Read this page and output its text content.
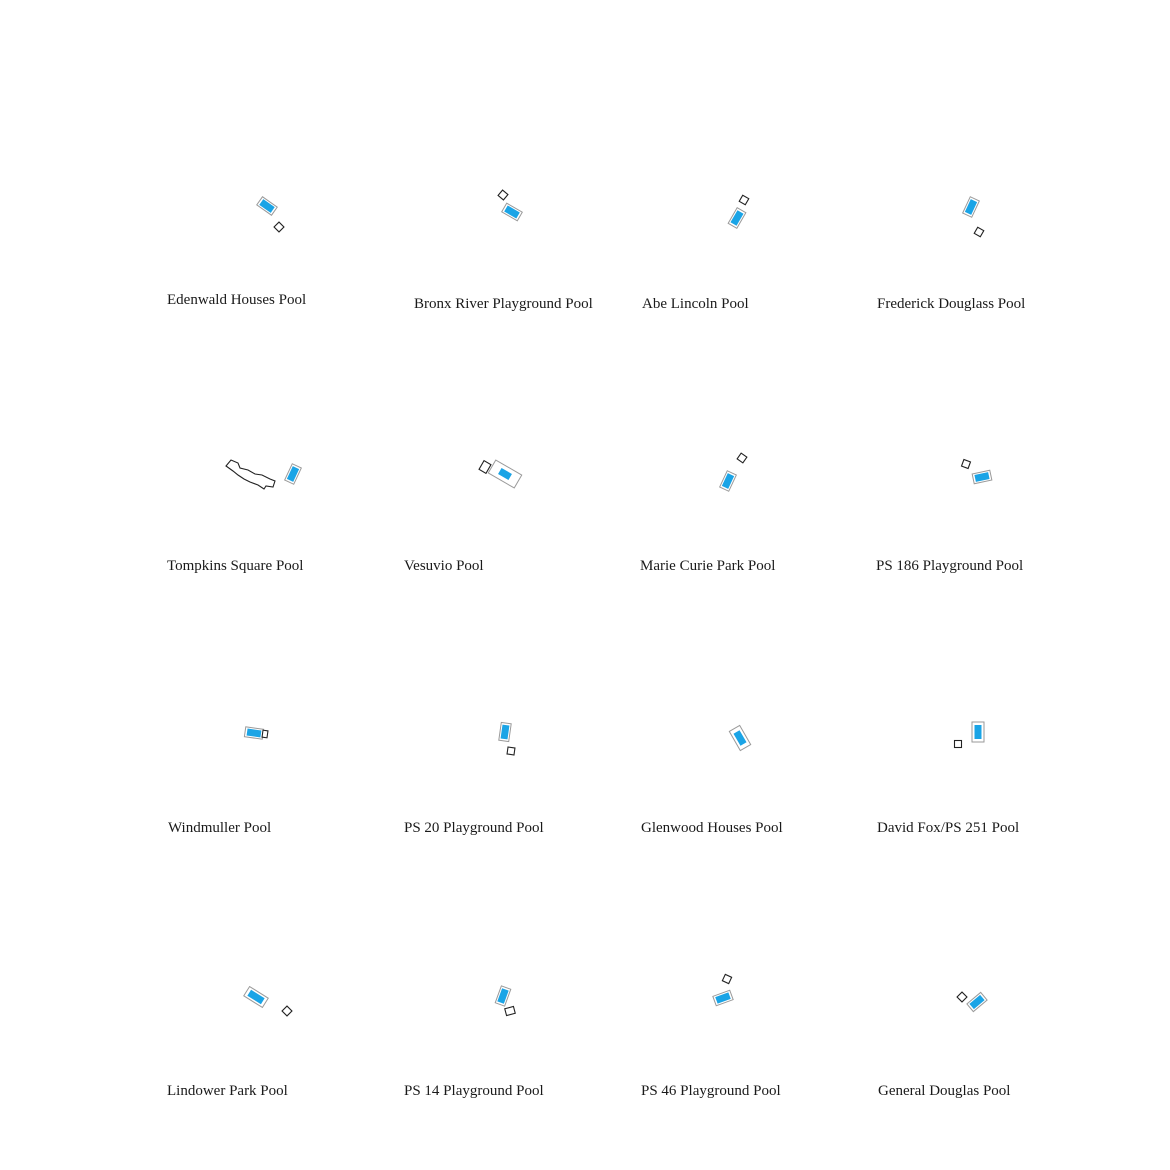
Edenwald Houses Pool	Bronx River Playground Pool	Abe Lincoln Pool	Frederick Douglass Pool
Tompkins Square Pool	Vesuvio Pool	Marie Curie Park Pool	PS 186 Playground Pool
Windmuller Pool	PS 20 Playground Pool	Glenwood Houses Pool	David Fox/PS 251 Pool
Lindower Park Pool	PS 14 Playground Pool	PS 46 Playground Pool	General Douglas Pool
